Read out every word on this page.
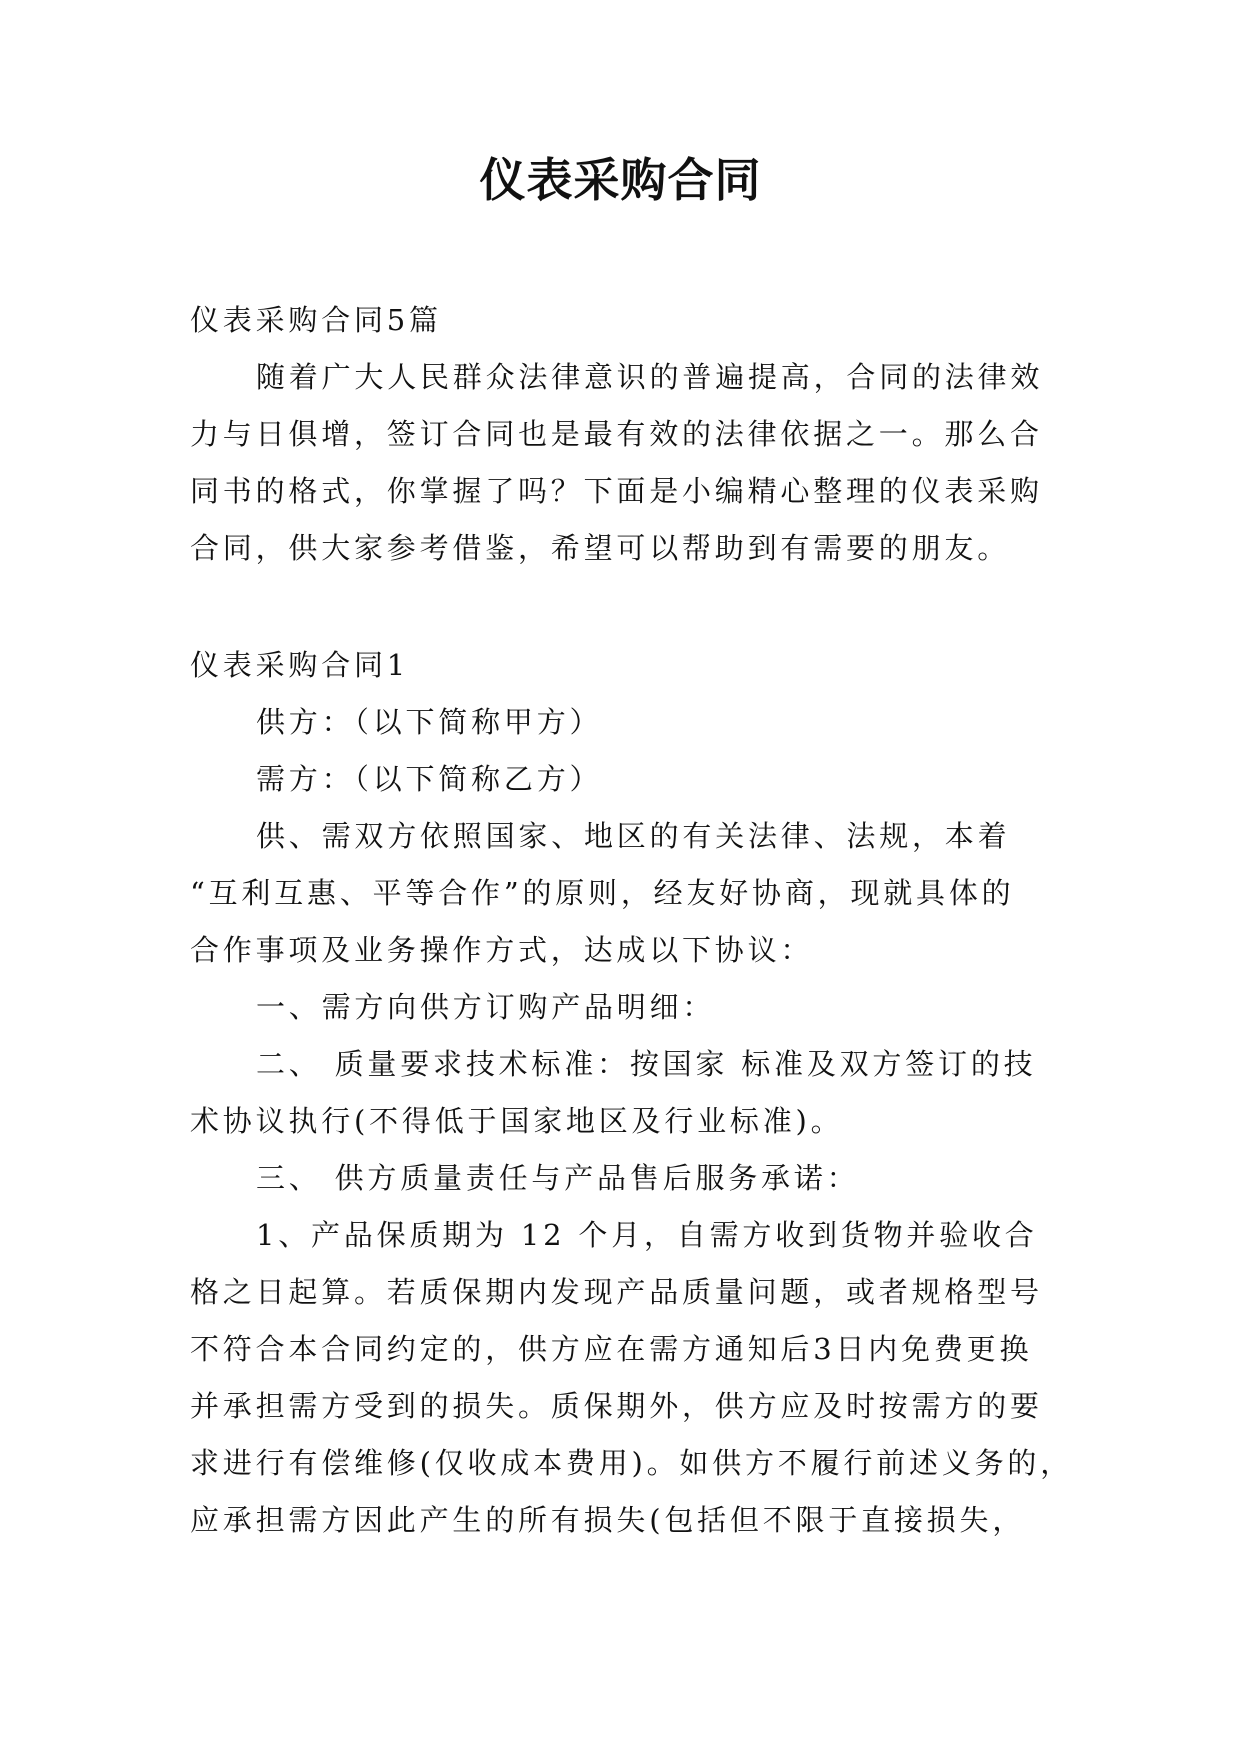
仪表采购合同
仪表采购合同5篇
随着广大人民群众法律意识的普遍提高，合同的法律效
力与日俱增，签订合同也是最有效的法律依据之一。那么合
同书的格式，你掌握了吗？下面是小编精心整理的仪表采购
合同，供大家参考借鉴，希望可以帮助到有需要的朋友。
仪表采购合同1
供方：（以下简称甲方）
需方：（以下简称乙方）
供、需双方依照国家、地区的有关法律、法规，本着
“互利互惠、平等合作”的原则，经友好协商，现就具体的
合作事项及业务操作方式，达成以下协议：
一、需方向供方订购产品明细：
二、 质量要求技术标准：按国家 标准及双方签订的技
术协议执行(不得低于国家地区及行业标准)。
三、 供方质量责任与产品售后服务承诺：
1、产品保质期为 12 个月，自需方收到货物并验收合
格之日起算。若质保期内发现产品质量问题，或者规格型号
不符合本合同约定的，供方应在需方通知后3日内免费更换
并承担需方受到的损失。质保期外，供方应及时按需方的要
求进行有偿维修(仅收成本费用)。如供方不履行前述义务的，
应承担需方因此产生的所有损失(包括但不限于直接损失，
